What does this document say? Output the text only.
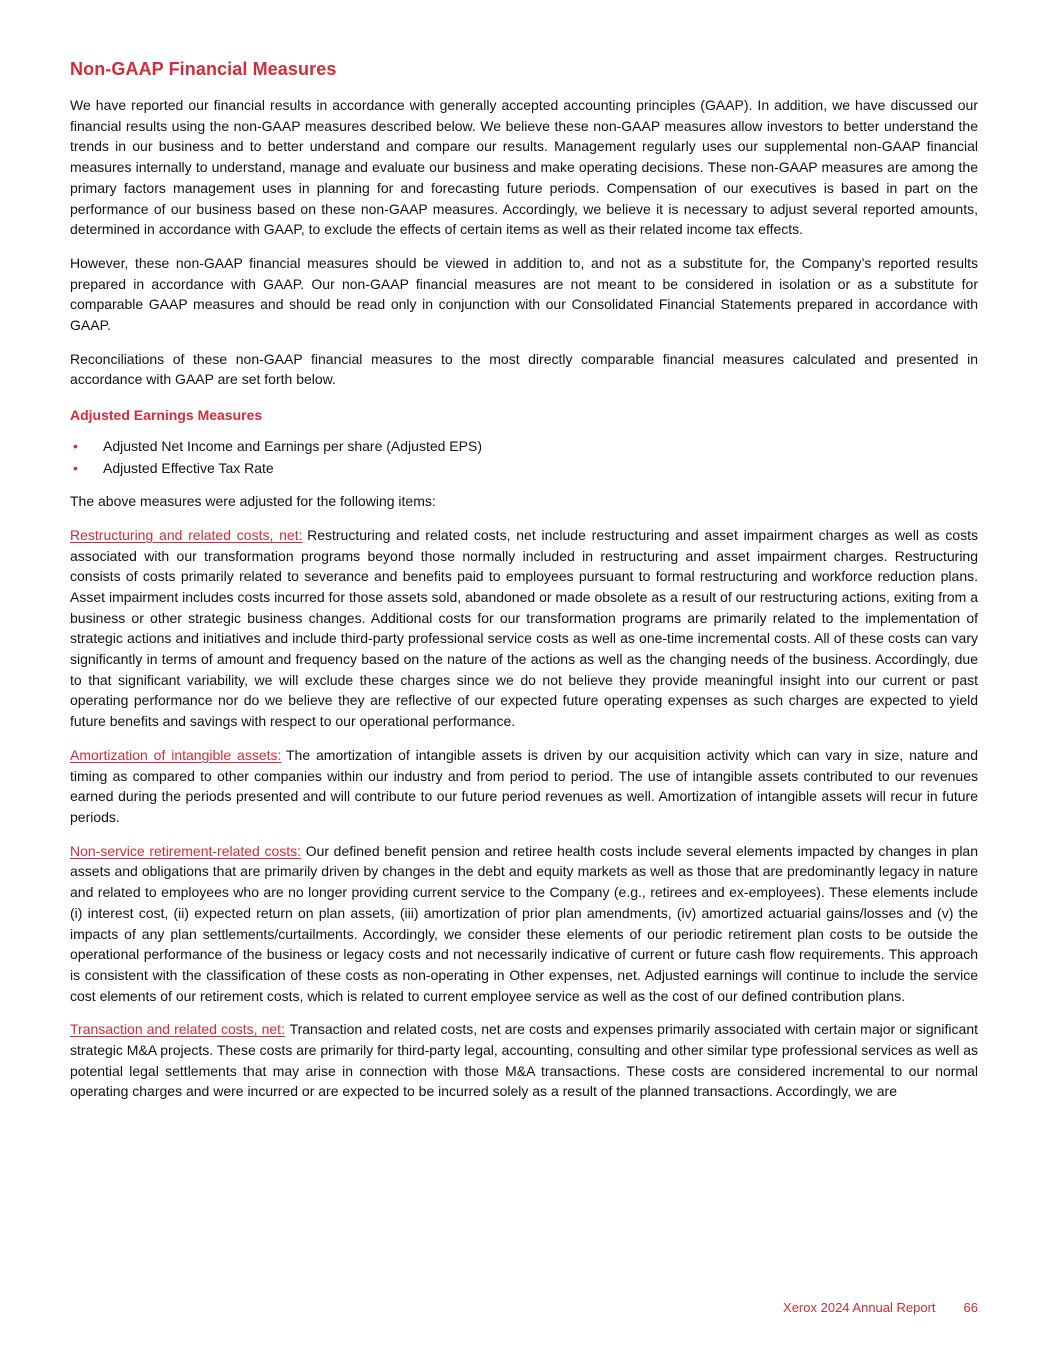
Non-GAAP Financial Measures

We have reported our financial results in accordance with generally accepted accounting principles (GAAP). In addition, we have discussed our financial results using the non-GAAP measures described below. We believe these non-GAAP measures allow investors to better understand the trends in our business and to better understand and compare our results. Management regularly uses our supplemental non-GAAP financial measures internally to understand, manage and evaluate our business and make operating decisions. These non-GAAP measures are among the primary factors management uses in planning for and forecasting future periods. Compensation of our executives is based in part on the performance of our business based on these non-GAAP measures. Accordingly, we believe it is necessary to adjust several reported amounts, determined in accordance with GAAP, to exclude the effects of certain items as well as their related income tax effects.

However, these non-GAAP financial measures should be viewed in addition to, and not as a substitute for, the Company’s reported results prepared in accordance with GAAP. Our non-GAAP financial measures are not meant to be considered in isolation or as a substitute for comparable GAAP measures and should be read only in conjunction with our Consolidated Financial Statements prepared in accordance with GAAP.

Reconciliations of these non-GAAP financial measures to the most directly comparable financial measures calculated and presented in accordance with GAAP are set forth below.

Adjusted Earnings Measures
•	Adjusted Net Income and Earnings per share (Adjusted EPS)
•	Adjusted Effective Tax Rate

The above measures were adjusted for the following items:

Restructuring and related costs, net: Restructuring and related costs, net include restructuring and asset impairment charges as well as costs associated with our transformation programs beyond those normally included in restructuring and asset impairment charges. Restructuring consists of costs primarily related to severance and benefits paid to employees pursuant to formal restructuring and workforce reduction plans. Asset impairment includes costs incurred for those assets sold, abandoned or made obsolete as a result of our restructuring actions, exiting from a business or other strategic business changes. Additional costs for our transformation programs are primarily related to the implementation of strategic actions and initiatives and include third-party professional service costs as well as one-time incremental costs. All of these costs can vary significantly in terms of amount and frequency based on the nature of the actions as well as the changing needs of the business. Accordingly, due to that significant variability, we will exclude these charges since we do not believe they provide meaningful insight into our current or past operating performance nor do we believe they are reflective of our expected future operating expenses as such charges are expected to yield future benefits and savings with respect to our operational performance.

Amortization of intangible assets: The amortization of intangible assets is driven by our acquisition activity which can vary in size, nature and timing as compared to other companies within our industry and from period to period. The use of intangible assets contributed to our revenues earned during the periods presented and will contribute to our future period revenues as well. Amortization of intangible assets will recur in future periods.

Non-service retirement-related costs: Our defined benefit pension and retiree health costs include several elements impacted by changes in plan assets and obligations that are primarily driven by changes in the debt and equity markets as well as those that are predominantly legacy in nature and related to employees who are no longer providing current service to the Company (e.g., retirees and ex-employees). These elements include (i) interest cost, (ii) expected return on plan assets, (iii) amortization of prior plan amendments, (iv) amortized actuarial gains/losses and (v) the impacts of any plan settlements/curtailments. Accordingly, we consider these elements of our periodic retirement plan costs to be outside the operational performance of the business or legacy costs and not necessarily indicative of current or future cash flow requirements. This approach is consistent with the classification of these costs as non-operating in Other expenses, net. Adjusted earnings will continue to include the service cost elements of our retirement costs, which is related to current employee service as well as the cost of our defined contribution plans.

Transaction and related costs, net: Transaction and related costs, net are costs and expenses primarily associated with certain major or significant strategic M&A projects. These costs are primarily for third-party legal, accounting, consulting and other similar type professional services as well as potential legal settlements that may arise in connection with those M&A transactions. These costs are considered incremental to our normal operating charges and were incurred or are expected to be incurred solely as a result of the planned transactions. Accordingly, we are

Xerox 2024 Annual Report 66
